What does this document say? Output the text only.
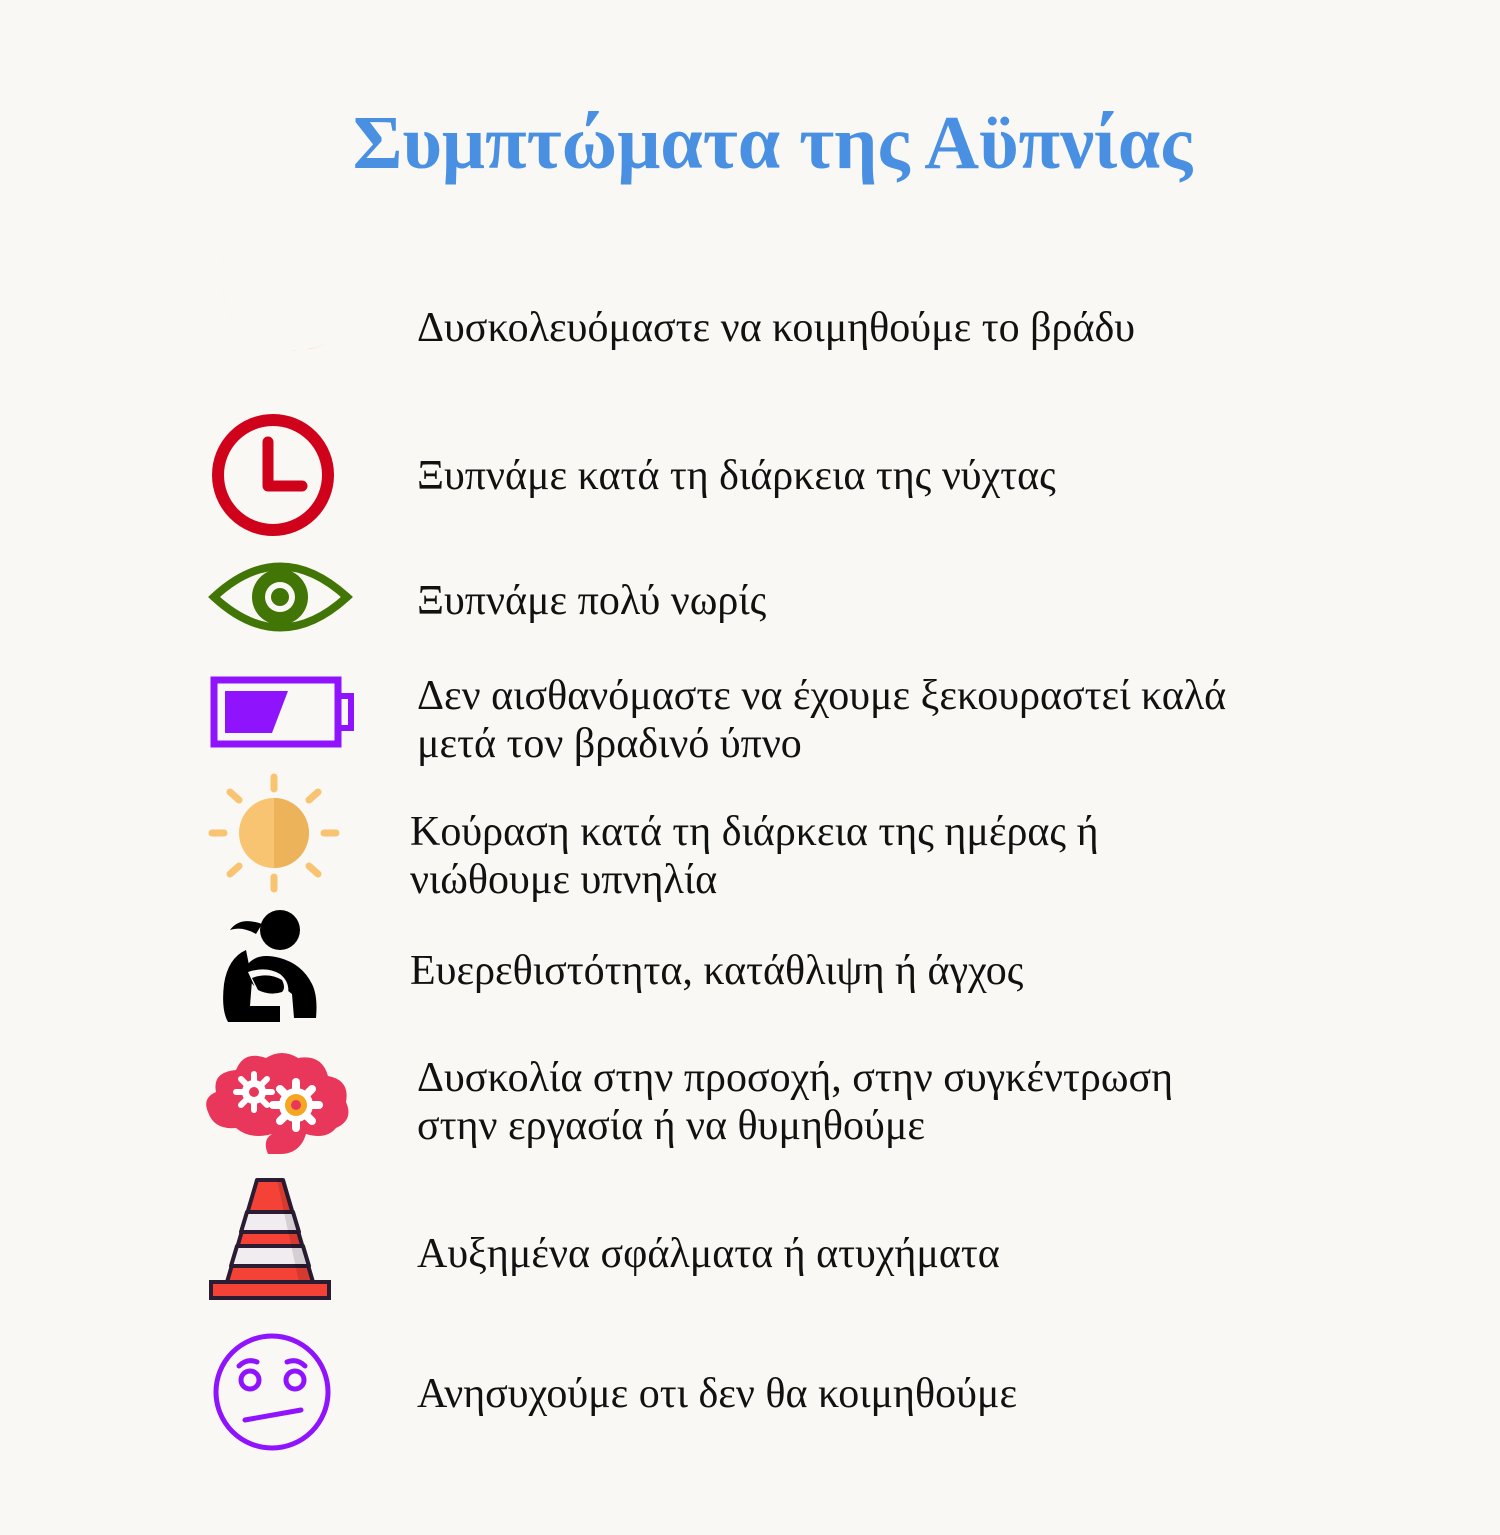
Συμπτώματα της Αϋπνίας
Δυσκολευόμαστε να κοιμηθούμε το βράδυ
Ξυπνάμε κατά τη διάρκεια της νύχτας
Ξυπνάμε πολύ νωρίς
Δεν αισθανόμαστε να έχουμε ξεκουραστεί καλά
μετά τον βραδινό ύπνο
Κούραση κατά τη διάρκεια της ημέρας ή
νιώθουμε υπνηλία
Ευερεθιστότητα, κατάθλιψη ή άγχος
Δυσκολία στην προσοχή, στην συγκέντρωση
στην εργασία ή να θυμηθούμε
Αυξημένα σφάλματα ή ατυχήματα
Ανησυχούμε οτι δεν θα κοιμηθούμε
